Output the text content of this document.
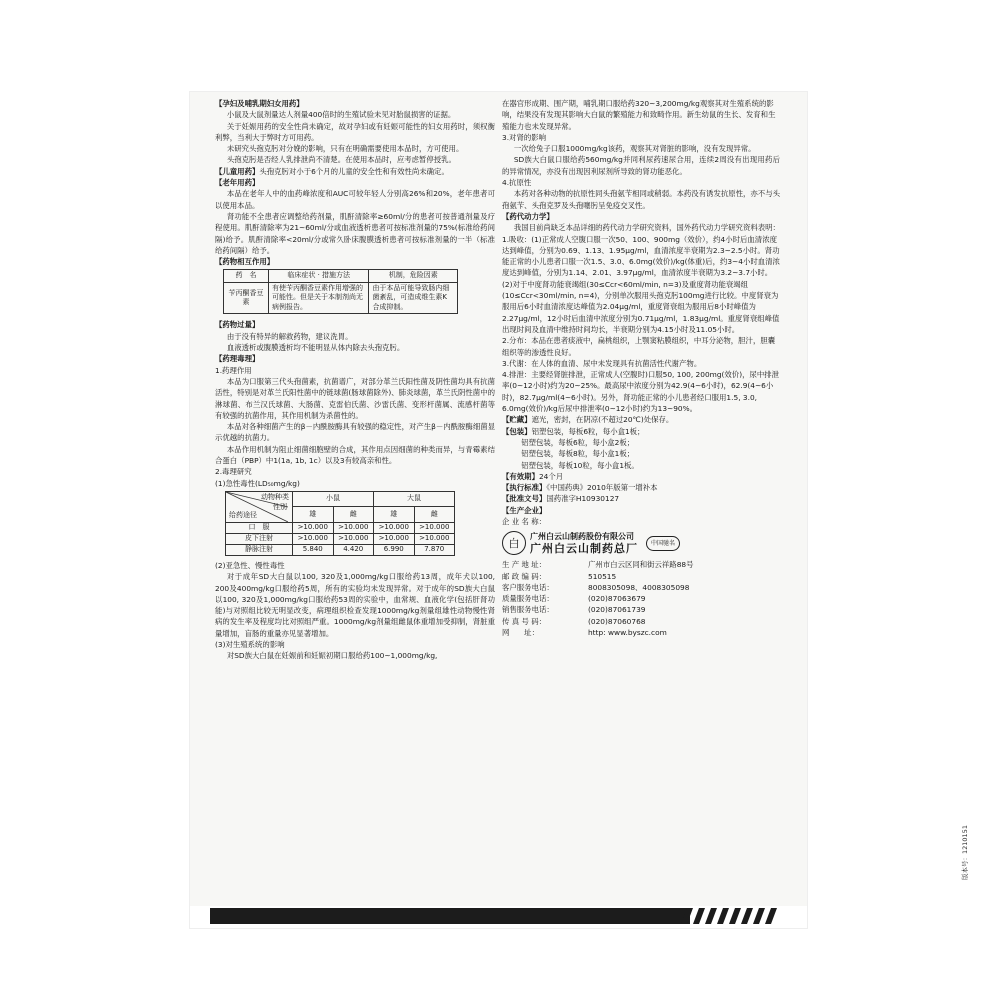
【孕妇及哺乳期妇女用药】
小鼠及大鼠剂量达人剂量400倍时的生殖试验未见对胎鼠损害的证据。
关于妊娠用药的安全性尚未确定，故对孕妇或有妊娠可能性的妇女用药时，须权衡利弊，当利大于弊时方可用药。
未研究头孢克肟对分娩的影响，只有在明确需要使用本品时，方可使用。
头孢克肟是否经人乳排泄尚不清楚。在使用本品时，应考虑暂停授乳。
【儿童用药】头孢克肟对小于6个月的儿童的安全性和有效性尚未确定。
【老年用药】
本品在老年人中的血药峰浓度和AUC可较年轻人分别高26%和20%，老年患者可以使用本品。
肾功能不全患者应调整给药剂量，肌酐清除率≥60ml/分的患者可按普通剂量及疗程使用。肌酐清除率为21~60ml/分或血液透析患者可按标准剂量的75%(标准给药间隔)给予。肌酐清除率<20ml/分或常久卧床腹膜透析患者可按标准剂量的一半（标准给药间隔）给予。
【药物相互作用】
药　名	临床症状 · 措施方法	机制，危险因素
苄丙酮香豆素	有使苄丙酮香豆素作用增强的可能性。但是关于本制剂尚无病例报告。	由于本品可能导致肠内细菌紊乱，可造成维生素K合成抑制。
【药物过量】
由于没有特异的解救药物，建议洗胃。
血液透析或腹膜透析均不能明显从体内除去头孢克肟。
【药理毒理】
1.药理作用
本品为口服第三代头孢菌素，抗菌谱广，对部分革兰氏阳性菌及阴性菌均具有抗菌活性，特别是对革兰氏阳性菌中的链球菌(肠球菌除外)、肺炎球菌，革兰氏阴性菌中的淋球菌、布兰汉氏球菌、大肠菌、克雷伯氏菌、沙雷氏菌、变形杆菌属、流感杆菌等有较强的抗菌作用，其作用机制为杀菌性的。
本品对各种细菌产生的β－内酰胺酶具有较强的稳定性，对产生β－内酰胺酶细菌显示优越的抗菌力。
本品作用机制为阻止细菌细胞壁的合成，其作用点因细菌的种类而异，与青霉素结合蛋白（PBP）中1(1a, 1b, 1c）以及3有较高亲和性。
2.毒理研究
(1)急性毒性(LD₅₀mg/kg)
动物种类
性别
给药途径	小鼠		大鼠	
	雄	雌	雄	雌
口　服	>10.000	>10.000	>10.000	>10.000
皮下注射	>10.000	>10.000	>10.000	>10.000
静脉注射	5.840	4.420	6.990	7.870
(2)亚急性、慢性毒性
对于成年SD大白鼠以100, 320及1,000mg/kg口服给药13周，成年犬以100, 200及400mg/kg口服给药5周，所有的实验均未发现异常。对于成年的SD族大白鼠以100, 320及1,000mg/kg口服给药53周的实验中，血常规、血液化学(包括肝肾功能)与对照组比较无明显改变，病理组织检查发现1000mg/kg剂量组雄性动物慢性肾病的发生率及程度均比对照组严重。1000mg/kg剂量组雌鼠体重增加受抑制，肾脏重量增加，盲肠的重量亦见显著增加。
(3)对生殖系统的影响
对SD族大白鼠在妊娠前和妊娠初期口服给药100~1,000mg/kg,
在器官形成期、围产期，哺乳期口服给药320~3,200mg/kg观察其对生殖系统的影响，结果没有发现其影响大白鼠的繁殖能力和致畸作用。新生幼鼠的生长、发育和生殖能力也未发现异常。
3.对肾的影响
一次给兔子口服1000mg/kg该药，观察其对肾脏的影响，没有发现异常。
SD族大白鼠口服给药560mg/kg并同利尿药速尿合用，连续2周没有出现用药后的异常情况，亦没有出现因利尿剂所导致的肾功能恶化。
4.抗原性
本药对各种动物的抗原性同头孢氨苄相同或稍弱。本药没有诱发抗原性，亦不与头孢氨苄、头孢克罗及头孢噻肟呈免疫交叉性。
【药代动力学】
我国目前尚缺乏本品详细的药代动力学研究资料，国外药代动力学研究资料表明：
1.吸收：(1)正常成人空腹口服一次50、100、900mg（效价），约4小时后血清浓度达到峰值，分别为0.69、1.13、1.95μg/ml，血清浓度半衰期为2.3~2.5小时。肾功能正常的小儿患者口服一次1.5、3.0、6.0mg(效价)/kg(体重)后，约3~4小时血清浓度达到峰值，分别为1.14、2.01、3.97μg/ml，血清浓度半衰期为3.2~3.7小时。(2)对于中度肾功能衰竭组(30≤Ccr<60ml/min, n=3)及重度肾功能衰竭组(10≤Ccr<30ml/min, n=4)，分别单次服用头孢克肟100mg进行比较。中度肾衰为服用后6小时血清浓度达峰值为2.04μg/ml，重度肾衰组为服用后8小时峰值为2.27μg/ml，12小时后血清中浓度分别为0.71μg/ml，1.83μg/ml。重度肾衰组峰值出现时间及血清中维持时间均长，半衰期分别为4.15小时及11.05小时。
2.分布：本品在患者痰液中，扁桃组织，上颚窦粘膜组织，中耳分泌物，胆汁，胆囊组织等的渗透性良好。
3.代谢：在人体的血清、尿中未发现具有抗菌活性代谢产物。
4.排泄：主要经肾脏排泄，正常成人(空腹时)口服50, 100, 200mg(效价)，尿中排泄率(0~12小时)约为20~25%。最高尿中浓度分别为42.9(4~6小时)，62.9(4~6小时)，82.7μg/ml(4~6小时)。另外，肾功能正常的小儿患者经口服用1.5, 3.0, 6.0mg(效价)/kg后尿中排泄率(0~12小时)约为13~90%。
【贮藏】遮光，密封，在阴凉(不超过20℃)处保存。
【包装】铝塑包装，每板6粒，每小盒1板；
铝塑包装，每板6粒，每小盒2板；
铝塑包装，每板8粒，每小盒1板；
铝塑包装，每板10粒，每小盒1板。
【有效期】24个月
【执行标准】《中国药典》2010年版第一增补本
【批准文号】国药准字H10930127
【生产企业】
企 业 名 称：
白
广州白云山制药股份有限公司
广州白云山制药总厂	中国驰名
生 产 地 址：	广州市白云区同和街云祥路88号
邮 政 编 码：	510515
客户服务电话：	8008305098、4008305098
质量服务电话：	(020)87063679
销售服务电话：	(020)87061739
传 真 号 码：	(020)87060768
网　　址：	http: www.byszc.com
版本号：1210151
